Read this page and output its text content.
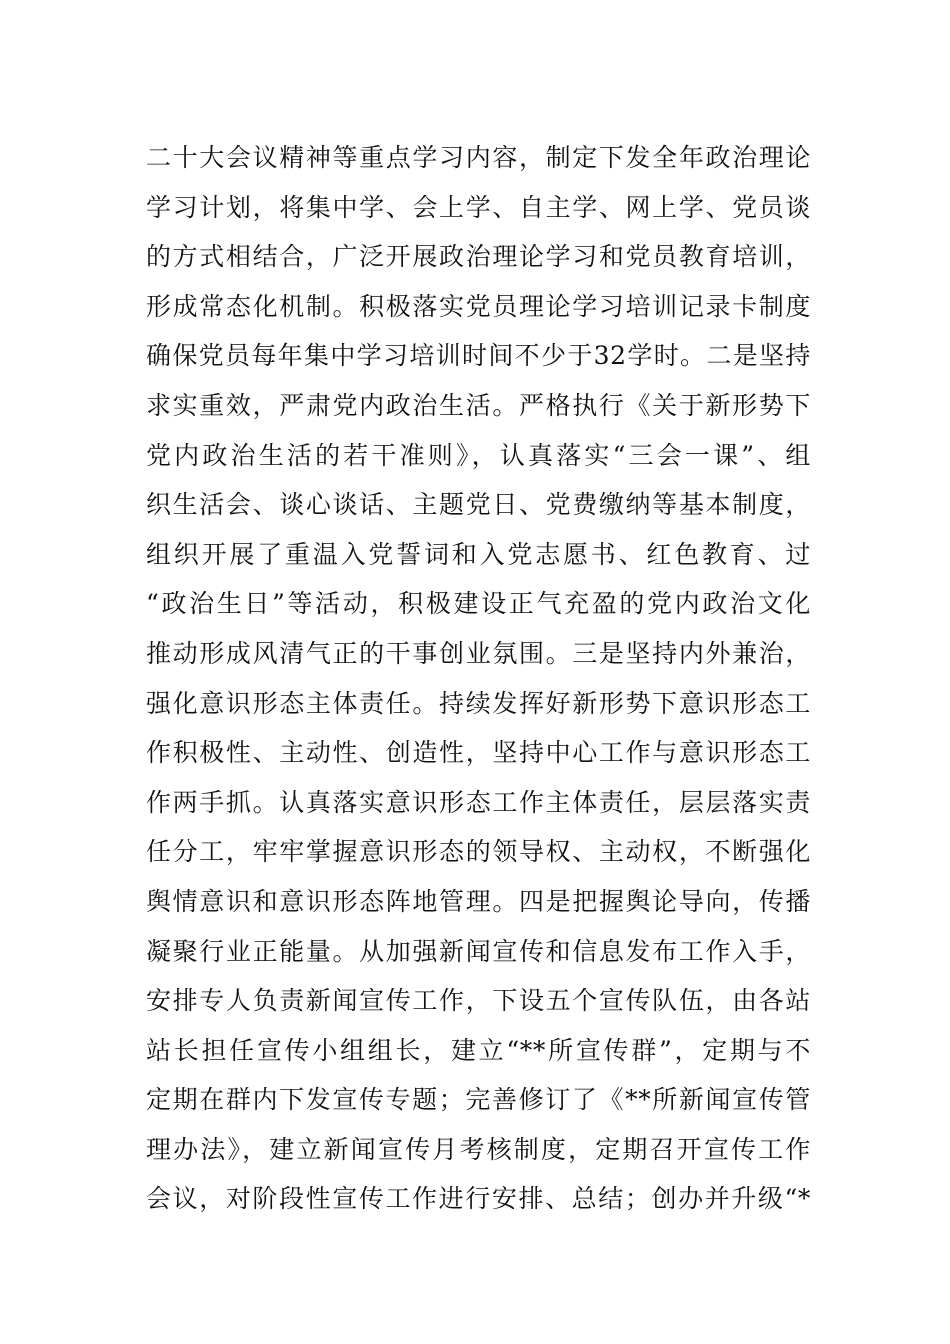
二十大会议精神等重点学习内容，制定下发全年政治理论
学习计划，将集中学、会上学、自主学、网上学、党员谈
的方式相结合，广泛开展政治理论学习和党员教育培训，
形成常态化机制。积极落实党员理论学习培训记录卡制度
确保党员每年集中学习培训时间不少于32学时。二是坚持
求实重效，严肃党内政治生活。严格执行《关于新形势下
党内政治生活的若干准则》，认真落实“三会一课”、组
织生活会、谈心谈话、主题党日、党费缴纳等基本制度，
组织开展了重温入党誓词和入党志愿书、红色教育、过
“政治生日”等活动，积极建设正气充盈的党内政治文化
推动形成风清气正的干事创业氛围。三是坚持内外兼治，
强化意识形态主体责任。持续发挥好新形势下意识形态工
作积极性、主动性、创造性，坚持中心工作与意识形态工
作两手抓。认真落实意识形态工作主体责任，层层落实责
任分工，牢牢掌握意识形态的领导权、主动权，不断强化
舆情意识和意识形态阵地管理。四是把握舆论导向，传播
凝聚行业正能量。从加强新闻宣传和信息发布工作入手，
安排专人负责新闻宣传工作，下设五个宣传队伍，由各站
站长担任宣传小组组长，建立“**所宣传群”，定期与不
定期在群内下发宣传专题；完善修订了《**所新闻宣传管
理办法》，建立新闻宣传月考核制度，定期召开宣传工作
会议，对阶段性宣传工作进行安排、总结；创办并升级“*
